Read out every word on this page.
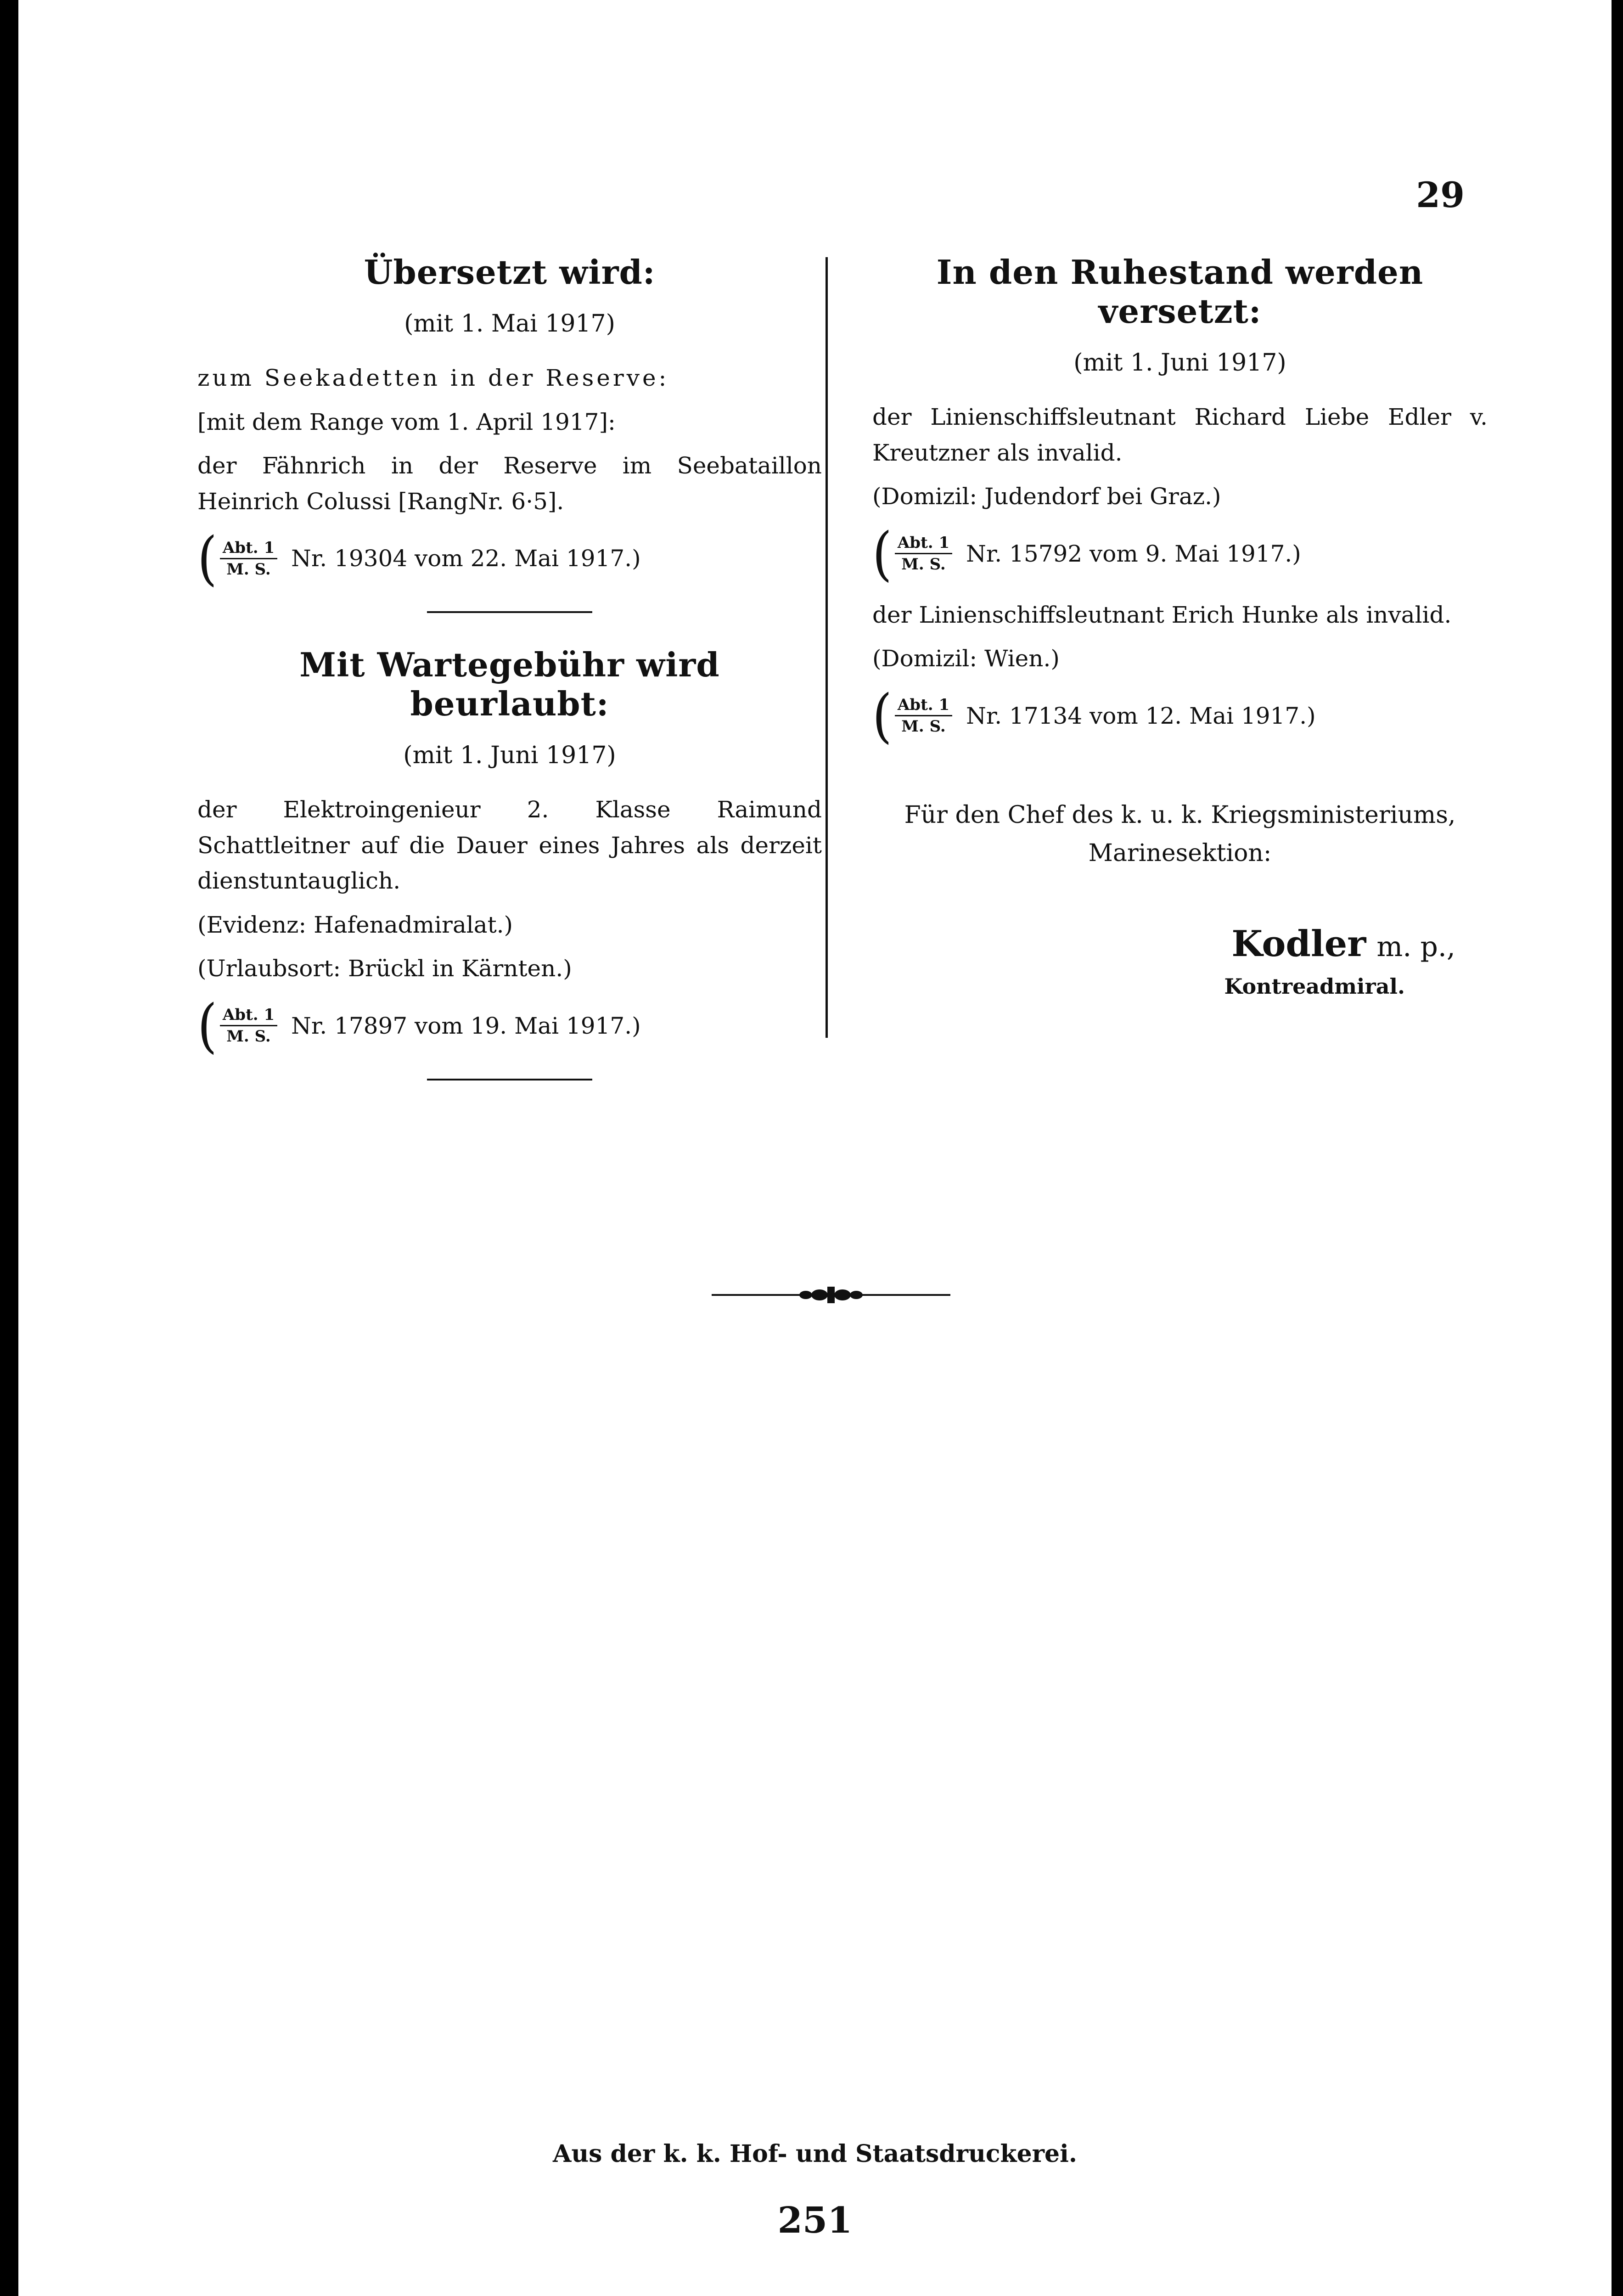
29
Übersetzt wird:
(mit 1. Mai 1917)
zum Seekadetten in der Reserve:
[mit dem Range vom 1. April 1917]:
der Fähnrich in der Reserve im Seebataillon Heinrich Colussi [RangNr. 6·5].
( $\frac{\text{Abt. 1}}{M. S.} Nr$. 19304 vom 22. Mai 1917.)
Mit Wartegebühr wird beurlaubt:
(mit 1. Juni 1917)
der Elektroingenieur 2. Klasse Raimund Schattleitner auf die Dauer eines Jahres als derzeit dienstuntauglich.
(Evidenz: Hafenadmiralat.)
(Urlaubsort: Brückl in Kärnten.)
( $\frac{\text{Abt. 1}}{M. S.} Nr$. 17897 vom 19. Mai 1917.)
In den Ruhestand werden versetzt:
(mit 1. Juni 1917)
der Linienschiffsleutnant Richard Liebe Edler v. Kreutzner als invalid.
(Domizil: Judendorf bei Graz.)
( $\frac{\text{Abt. 1}}{M. S.} Nr$. 15792 vom 9. Mai 1917.)
der Linienschiffsleutnant Erich Hunke als invalid.
(Domizil: Wien.)
( $\frac{\text{Abt. 1}}{M. S.} Nr$. 17134 vom 12. Mai 1917.)
Für den Chef des k. u. k. Kriegsministeriums,
Marinesektion:
Kodler m. p.,
Kontreadmiral.
Aus der k. k. Hof- und Staatsdruckerei.
251
